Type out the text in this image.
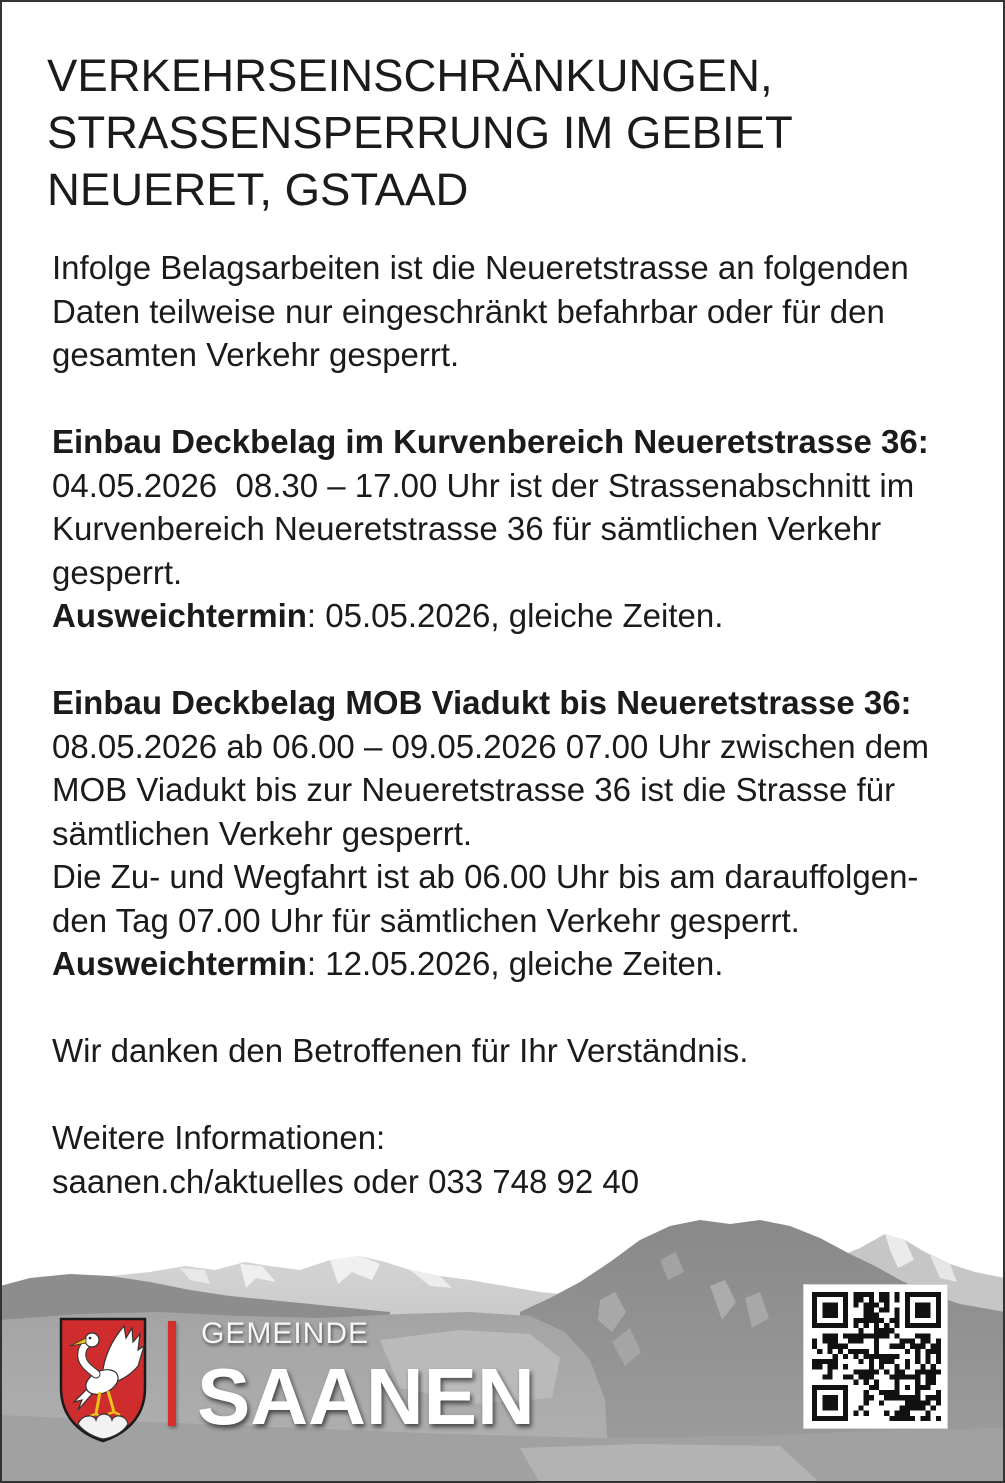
VERKEHRSEINSCHRÄNKUNGEN,
STRASSENSPERRUNG IM GEBIET
NEUERET, GSTAAD
Infolge Belagsarbeiten ist die Neueretstrasse an folgenden
Daten teilweise nur eingeschränkt befahrbar oder für den
gesamten Verkehr gesperrt.
Einbau Deckbelag im Kurvenbereich Neueretstrasse 36:
04.05.2026  08.30 – 17.00 Uhr ist der Strassenabschnitt im
Kurvenbereich Neueretstrasse 36 für sämtlichen Verkehr
gesperrt.
Ausweichtermin: 05.05.2026, gleiche Zeiten.
Einbau Deckbelag MOB Viadukt bis Neueretstrasse 36:
08.05.2026 ab 06.00 – 09.05.2026 07.00 Uhr zwischen dem
MOB Viadukt bis zur Neueretstrasse 36 ist die Strasse für
sämtlichen Verkehr gesperrt.
Die Zu- und Wegfahrt ist ab 06.00 Uhr bis am darauffolgen-
den Tag 07.00 Uhr für sämtlichen Verkehr gesperrt.
Ausweichtermin: 12.05.2026, gleiche Zeiten.
Wir danken den Betroffenen für Ihr Verständnis.
Weitere Informationen:
saanen.ch/aktuelles oder 033 748 92 40
GEMEINDE
SAANEN
